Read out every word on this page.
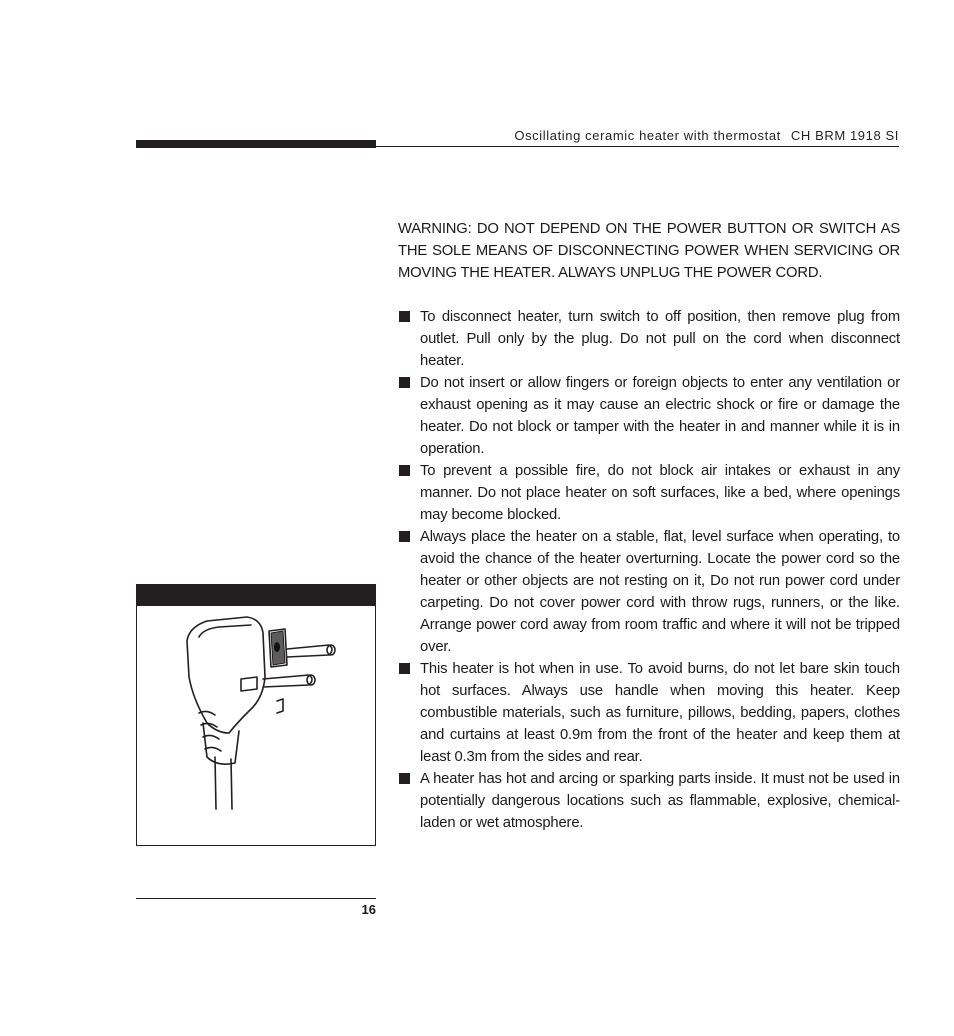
Oscillating ceramic heater with thermostat CH BRM 1918 SI
WARNING: DO NOT DEPEND ON THE POWER BUTTON OR SWITCH AS THE SOLE MEANS OF DISCONNECTING POWER WHEN SERVICING OR MOVING THE HEATER. ALWAYS UNPLUG THE POWER CORD.
To disconnect heater, turn switch to off position, then remove plug from outlet. Pull only by the plug. Do not pull on the cord when disconnect heater.
Do not insert or allow fingers or foreign objects to enter any ventilation or exhaust opening as it may cause an electric shock or fire or damage the heater. Do not block or tamper with the heater in and manner while it is in operation.
To prevent a possible fire, do not block air intakes or exhaust in any manner. Do not place heater on soft surfaces, like a bed, where openings may become blocked.
Always place the heater on a stable, flat, level surface when operating, to avoid the chance of the heater overturning. Locate the power cord so the heater or other objects are not resting on it, Do not run power cord under carpeting. Do not cover power cord with throw rugs, runners, or the like. Arrange power cord away from room traffic and where it will not be tripped over.
This heater is hot when in use. To avoid burns, do not let bare skin touch hot surfaces. Always use handle when moving this heater. Keep combustible materials, such as furniture, pillows, bedding, papers, clothes and curtains at least 0.9m from the front of the heater and keep them at least 0.3m from the sides and rear.
A heater has hot and arcing or sparking parts inside. It must not be used in potentially dangerous locations such as flammable, explosive, chemical-laden or wet atmosphere.
16
